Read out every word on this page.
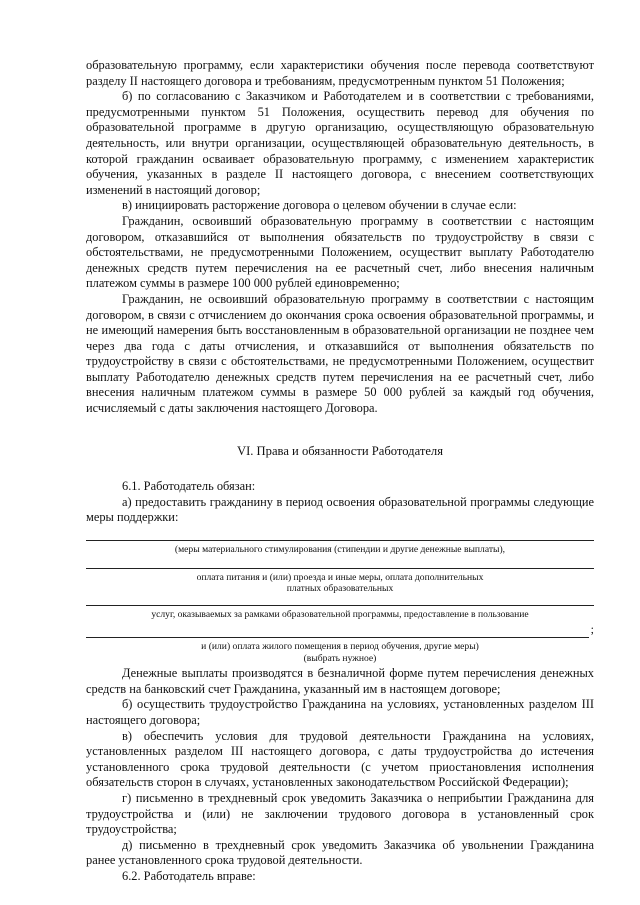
образовательную программу, если характеристики обучения после перевода соответствуют разделу II настоящего договора и требованиям, предусмотренным пунктом 51 Положения;

б) по согласованию с Заказчиком и Работодателем и в соответствии с требованиями, предусмотренными пунктом 51 Положения, осуществить перевод для обучения по образовательной программе в другую организацию, осуществляющую образовательную деятельность, или внутри организации, осуществляющей образовательную деятельность, в которой гражданин осваивает образовательную программу, с изменением характеристик обучения, указанных в разделе II настоящего договора, с внесением соответствующих изменений в настоящий договор;

в) инициировать расторжение договора о целевом обучении в случае если:

Гражданин, освоивший образовательную программу в соответствии с настоящим договором, отказавшийся от выполнения обязательств по трудоустройству в связи с обстоятельствами, не предусмотренными Положением, осуществит выплату Работодателю денежных средств путем перечисления на ее расчетный счет, либо внесения наличным платежом суммы в размере 100 000 рублей единовременно;

Гражданин, не освоивший образовательную программу в соответствии с настоящим договором, в связи с отчислением до окончания срока освоения образовательной программы, и не имеющий намерения быть восстановленным в образовательной организации не позднее чем через два года с даты отчисления, и отказавшийся от выполнения обязательств по трудоустройству в связи с обстоятельствами, не предусмотренными Положением, осуществит выплату Работодателю денежных средств путем перечисления на ее расчетный счет, либо внесения наличным платежом суммы в размере 50 000 рублей за каждый год обучения, исчисляемый с даты заключения настоящего Договора.

VI. Права и обязанности Работодателя

6.1. Работодатель обязан:

а) предоставить гражданину в период освоения образовательной программы следующие меры поддержки:

(меры материального стимулирования (стипендии и другие денежные выплаты),
оплата питания и (или) проезда и иные меры, оплата дополнительных
платных образовательных
услуг, оказываемых за рамками образовательной программы, предоставление в пользование
;
и (или) оплата жилого помещения в период обучения, другие меры)
(выбрать нужное)

Денежные выплаты производятся в безналичной форме путем перечисления денежных средств на банковский счет Гражданина, указанный им в настоящем договоре;

б) осуществить трудоустройство Гражданина на условиях, установленных разделом III настоящего договора;

в) обеспечить условия для трудовой деятельности Гражданина на условиях, установленных разделом III настоящего договора, с даты трудоустройства до истечения установленного срока трудовой деятельности (с учетом приостановления исполнения обязательств сторон в случаях, установленных законодательством Российской Федерации);

г) письменно в трехдневный срок уведомить Заказчика о неприбытии Гражданина для трудоустройства и (или) не заключении трудового договора в установленный срок трудоустройства;

д) письменно в трехдневный срок уведомить Заказчика об увольнении Гражданина ранее установленного срока трудовой деятельности.

6.2. Работодатель вправе:
